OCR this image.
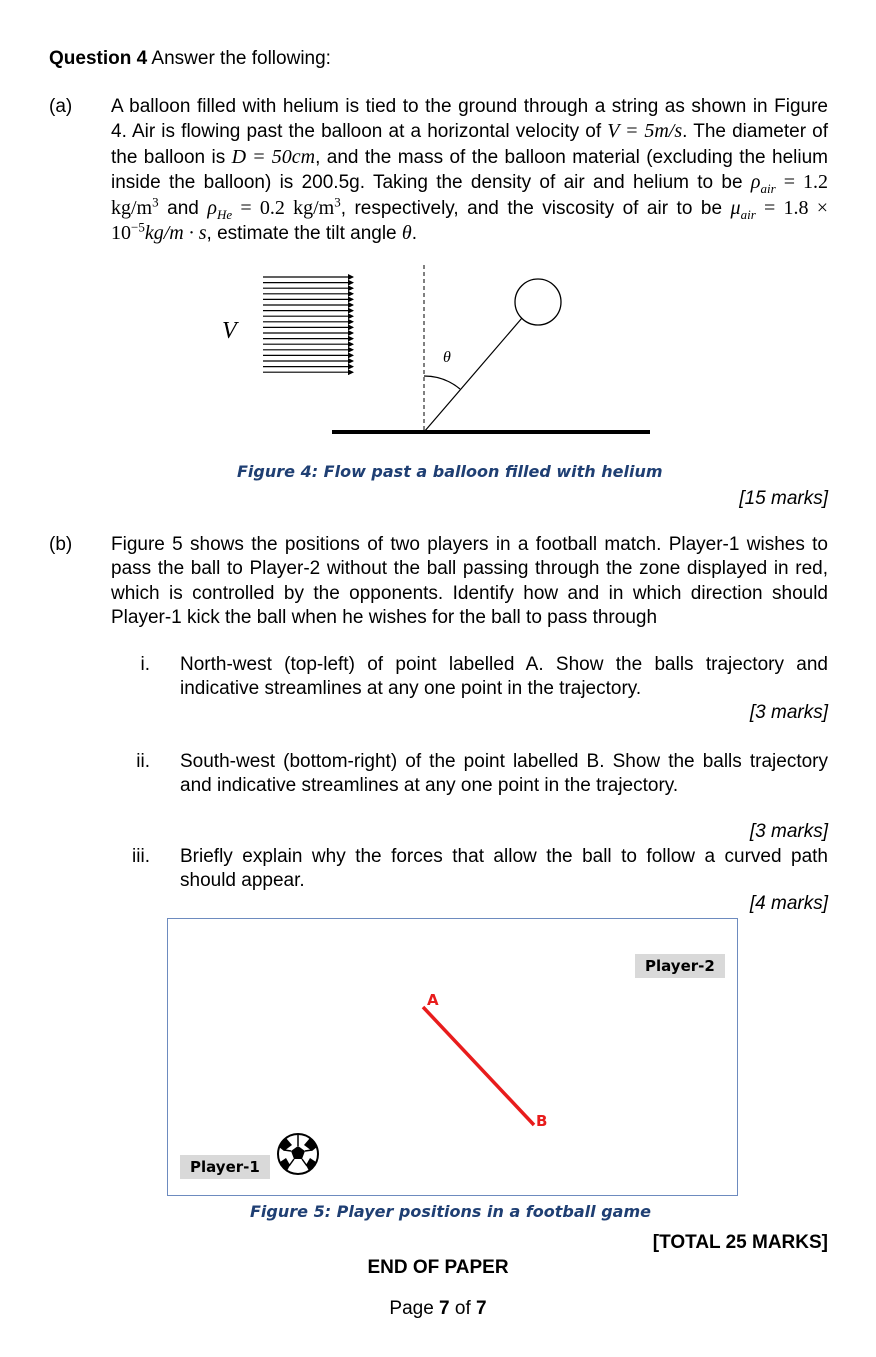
Question 4 Answer the following:
(a) A balloon filled with helium is tied to the ground through a string as shown in Figure 4. Air is flowing past the balloon at a horizontal velocity of V = 5m/s. The diameter of the balloon is D = 50cm, and the mass of the balloon material (excluding the helium inside the balloon) is 200.5g. Taking the density of air and helium to be $\rho_{air} = 1.2$ $kg/m^3$ and $\rho_{He} = 0.2$ $kg/m^3$, respectively, and the viscosity of air to be $\mu_{air} = 1.8 \times 10^{-5}kg/m \cdot s$, estimate the tilt angle θ.
V
θ
Figure 4: Flow past a balloon filled with helium
[15 marks]
(b) Figure 5 shows the positions of two players in a football match. Player-1 wishes to pass the ball to Player-2 without the ball passing through the zone displayed in red, which is controlled by the opponents. Identify how and in which direction should Player-1 kick the ball when he wishes for the ball to pass through
i. North-west (top-left) of point labelled A. Show the balls trajectory and indicative streamlines at any one point in the trajectory.
[3 marks]
ii. South-west (bottom-right) of the point labelled B. Show the balls trajectory and indicative streamlines at any one point in the trajectory.
[3 marks]
iii. Briefly explain why the forces that allow the ball to follow a curved path should appear.
[4 marks]
Player-2
Player-1
A
B
Figure 5: Player positions in a football game
[TOTAL 25 MARKS]
END OF PAPER
Page 7 of 7
